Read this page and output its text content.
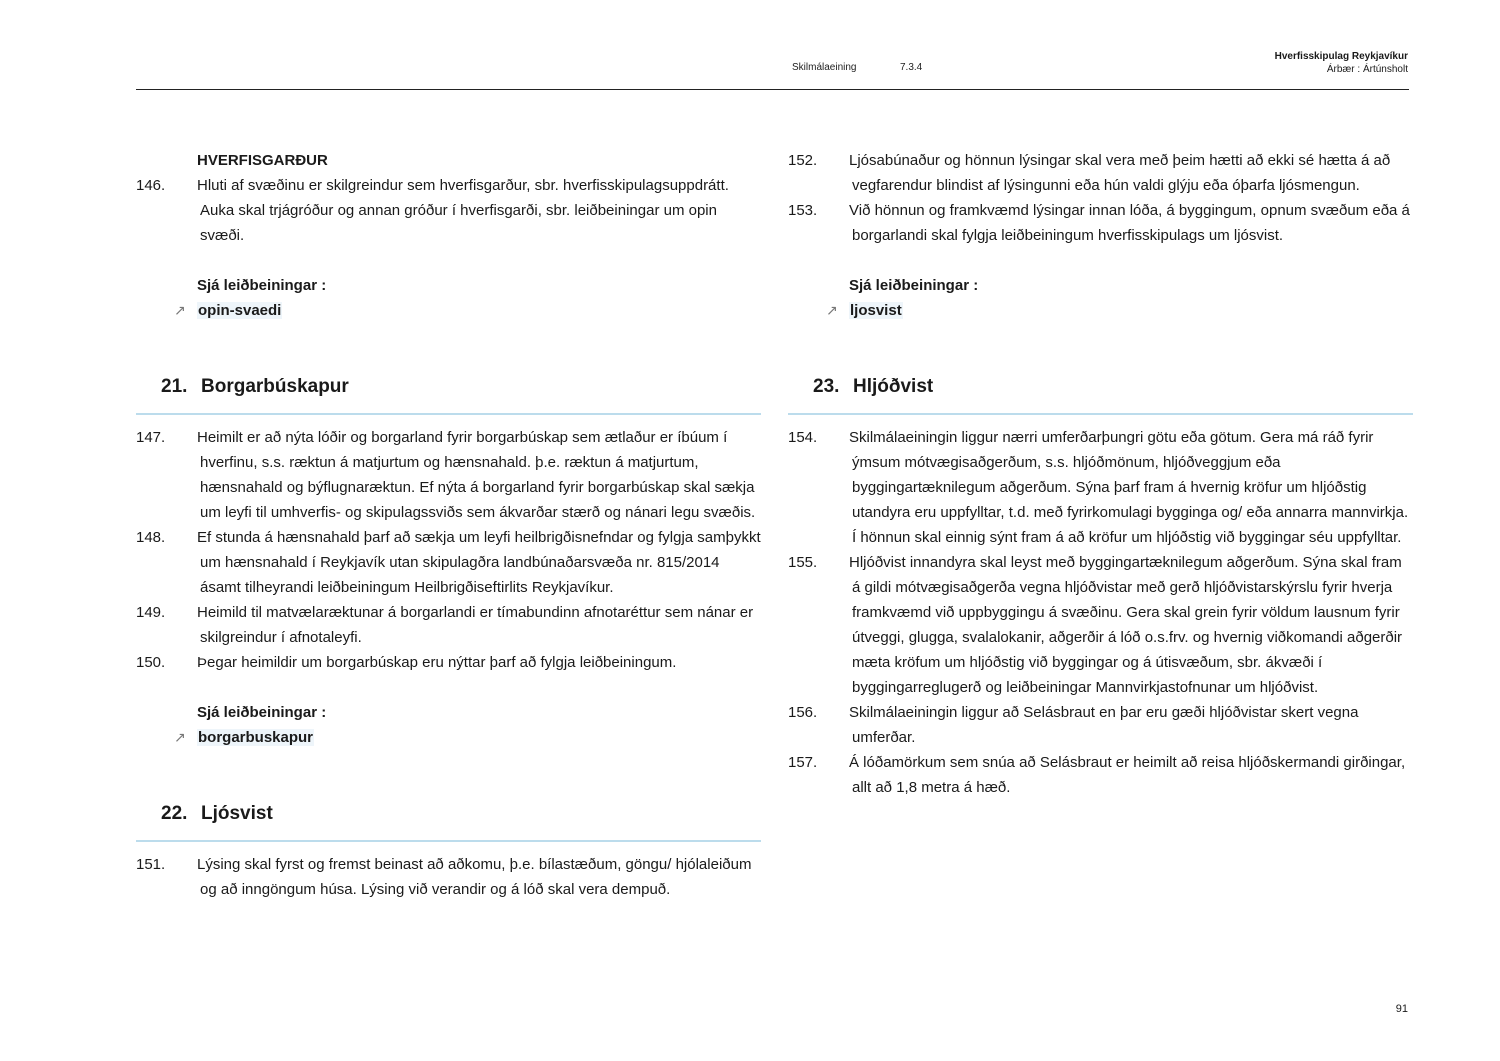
Skilmálaeining	7.3.4
Hverfisskipulag Reykjavíkur
Árbær : Ártúnsholt
HVERFISGARÐUR
146.	Hluti af svæðinu er skilgreindur sem hverfisgarður, sbr. hverfisskipulagsuppdrátt. Auka skal trjágróður og annan gróður í hverfisgarði, sbr. leiðbeiningar um opin svæði.
Sjá leiðbeiningar :
↗ opin-svaedi
21. Borgarbúskapur
147.	Heimilt er að nýta lóðir og borgarland fyrir borgarbúskap sem ætlaður er íbúum í hverfinu, s.s. ræktun á matjurtum og hænsnahald. þ.e. ræktun á matjurtum, hænsnahald og býflugnaræktun. Ef nýta á borgarland fyrir borgarbúskap skal sækja um leyfi til umhverfis- og skipulagssviðs sem ákvarðar stærð og nánari legu svæðis.
148.	Ef stunda á hænsnahald þarf að sækja um leyfi heilbrigðisnefndar og fylgja samþykkt um hænsnahald í Reykjavík utan skipulagðra landbúnaðarsvæða nr. 815/2014 ásamt tilheyrandi leiðbeiningum Heilbrigðiseftirlits Reykjavíkur.
149.	Heimild til matvælaræktunar á borgarlandi er tímabundinn afnotaréttur sem nánar er skilgreindur í afnotaleyfi.
150.	Þegar heimildir um borgarbúskap eru nýttar þarf að fylgja leiðbeiningum.
Sjá leiðbeiningar :
↗ borgarbuskapur
22. Ljósvist
151.	Lýsing skal fyrst og fremst beinast að aðkomu, þ.e. bílastæðum, göngu/ hjólaleiðum og að inngöngum húsa. Lýsing við verandir og á lóð skal vera dempuð.
152.	Ljósabúnaður og hönnun lýsingar skal vera með þeim hætti að ekki sé hætta á að vegfarendur blindist af lýsingunni eða hún valdi glýju eða óþarfa ljósmengun.
153.	Við hönnun og framkvæmd lýsingar innan lóða, á byggingum, opnum svæðum eða á borgarlandi skal fylgja leiðbeiningum hverfisskipulags um ljósvist.
Sjá leiðbeiningar :
↗ ljosvist
23. Hljóðvist
154.	Skilmálaeiningin liggur nærri umferðarþungri götu eða götum. Gera má ráð fyrir ýmsum mótvægisaðgerðum, s.s. hljóðmönum, hljóðveggjum eða byggingartæknilegum aðgerðum. Sýna þarf fram á hvernig kröfur um hljóðstig utandyra eru uppfylltar, t.d. með fyrirkomulagi bygginga og/ eða annarra mannvirkja. Í hönnun skal einnig sýnt fram á að kröfur um hljóðstig við byggingar séu uppfylltar.
155.	Hljóðvist innandyra skal leyst með byggingartæknilegum aðgerðum. Sýna skal fram á gildi mótvægisaðgerða vegna hljóðvistar með gerð hljóðvistarskýrslu fyrir hverja framkvæmd við uppbyggingu á svæðinu. Gera skal grein fyrir völdum lausnum fyrir útveggi, glugga, svalalokanir, aðgerðir á lóð o.s.frv. og hvernig viðkomandi aðgerðir mæta kröfum um hljóðstig við byggingar og á útisvæðum, sbr. ákvæði í byggingarreglugerð og leiðbeiningar Mannvirkjastofnunar um hljóðvist.
156.	Skilmálaeiningin liggur að Selásbraut en þar eru gæði hljóðvistar skert vegna umferðar.
157.	Á lóðamörkum sem snúa að Selásbraut er heimilt að reisa hljóðskermandi girðingar, allt að 1,8 metra á hæð.
91
